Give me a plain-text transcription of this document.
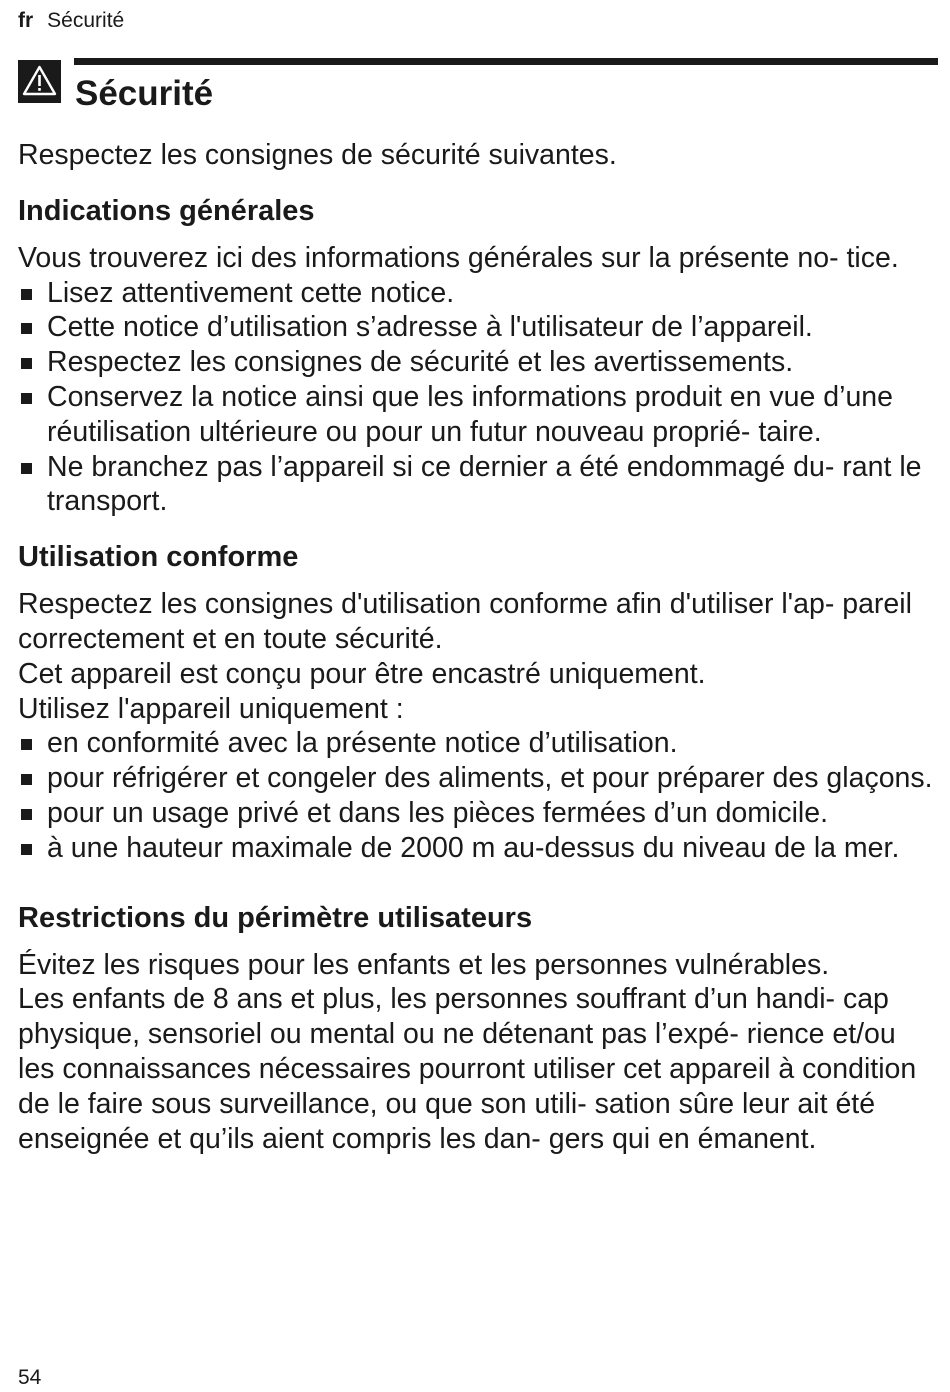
fr Sécurité
Sécurité

Respectez les consignes de sécurité suivantes.

Indications générales

Vous trouverez ici des informations générales sur la présente no‑ tice.

Lisez attentivement cette notice.
Cette notice d’utilisation s’adresse à l'utilisateur de l’appareil.
Respectez les consignes de sécurité et les avertissements.
Conservez la notice ainsi que les informations produit en vue d’une réutilisation ultérieure ou pour un futur nouveau proprié‑ taire.
Ne branchez pas l’appareil si ce dernier a été endommagé du‑ rant le transport.
Utilisation conforme

Respectez les consignes d'utilisation conforme afin d'utiliser l'ap‑ pareil correctement et en toute sécurité.

Cet appareil est conçu pour être encastré uniquement.

Utilisez l'appareil uniquement :

en conformité avec la présente notice d’utilisation.
pour réfrigérer et congeler des aliments, et pour préparer des glaçons.
pour un usage privé et dans les pièces fermées d’un domicile.
à une hauteur maximale de 2000 m au-dessus du niveau de la mer.
Restrictions du périmètre utilisateurs

Évitez les risques pour les enfants et les personnes vulnérables.

Les enfants de 8 ans et plus, les personnes souffrant d’un handi‑ cap physique, sensoriel ou mental ou ne détenant pas l’expé‑ rience et/ou les connaissances nécessaires pourront utiliser cet appareil à condition de le faire sous surveillance, ou que son utili‑ sation sûre leur ait été enseignée et qu’ils aient compris les dan‑ gers qui en émanent.

54
